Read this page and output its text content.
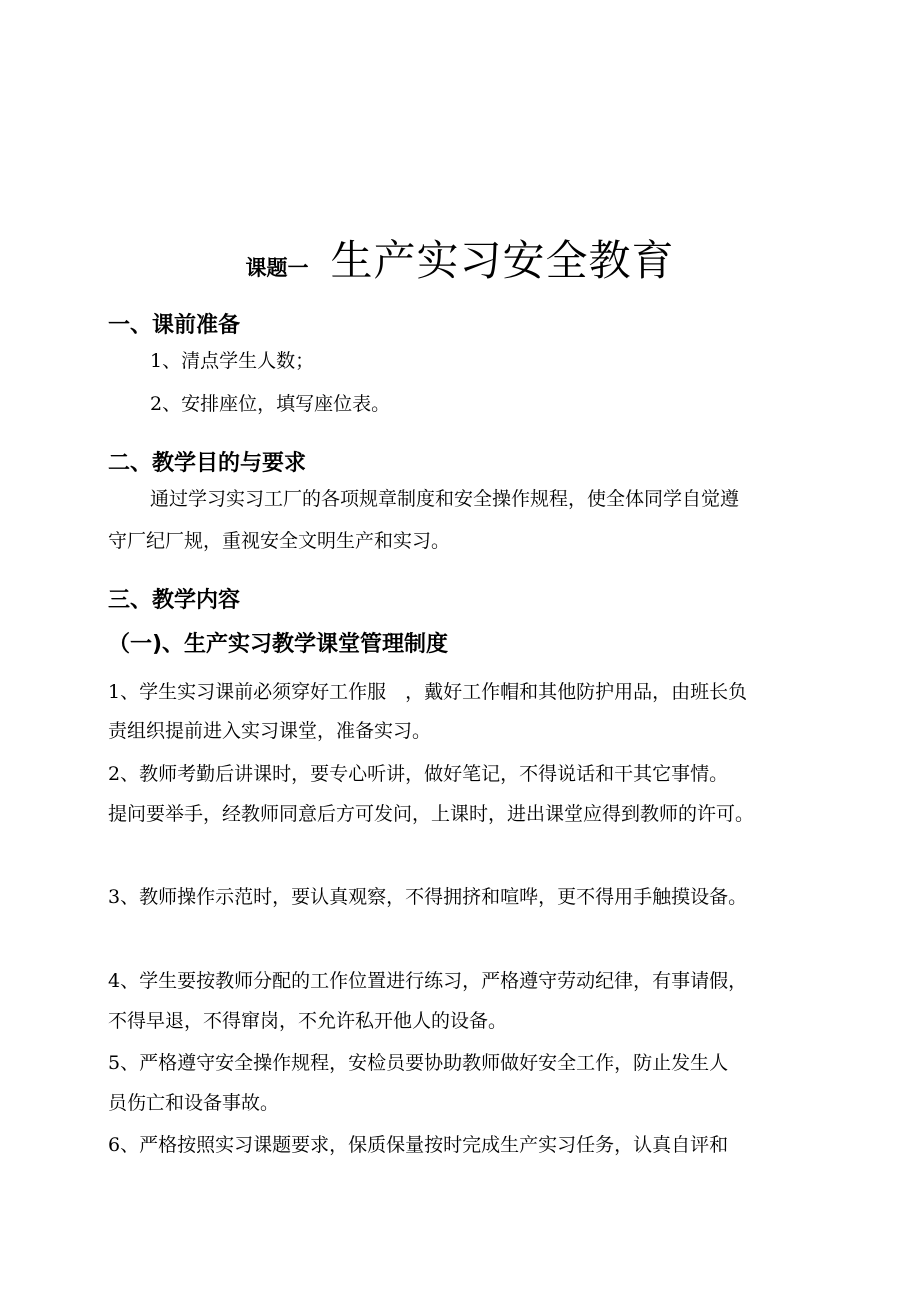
课题一 生产实习安全教育
一、课前准备
1、清点学生人数；
2、安排座位，填写座位表。
二、教学目的与要求
通过学习实习工厂的各项规章制度和安全操作规程，使全体同学自觉遵
守厂纪厂规，重视安全文明生产和实习。
三、教学内容
（一)、生产实习教学课堂管理制度
1、学生实习课前必须穿好工作服　，戴好工作帽和其他防护用品，由班长负
责组织提前进入实习课堂，准备实习。
2、教师考勤后讲课时，要专心听讲，做好笔记，不得说话和干其它事情。
提问要举手，经教师同意后方可发问，上课时，进出课堂应得到教师的许可。
3、教师操作示范时，要认真观察，不得拥挤和喧哗，更不得用手触摸设备。
4、学生要按教师分配的工作位置进行练习，严格遵守劳动纪律，有事请假，
不得早退，不得窜岗，不允许私开他人的设备。
5、严格遵守安全操作规程，安检员要协助教师做好安全工作，防止发生人
员伤亡和设备事故。
6、严格按照实习课题要求，保质保量按时完成生产实习任务，认真自评和
